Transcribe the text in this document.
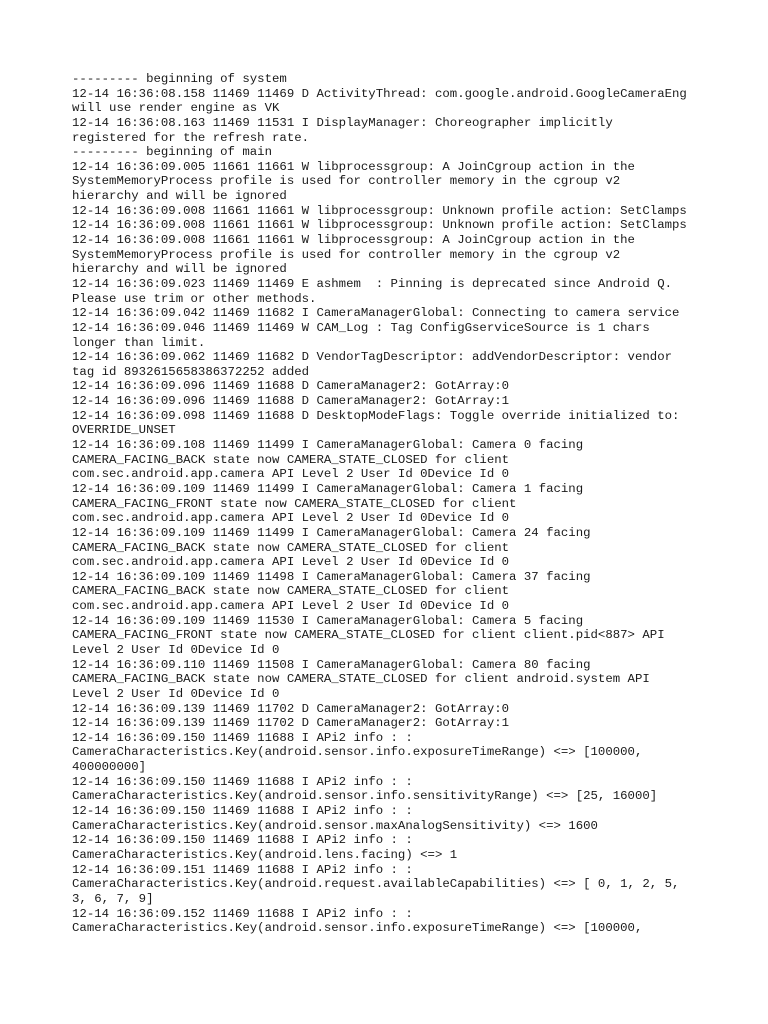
--------- beginning of system
12-14 16:36:08.158 11469 11469 D ActivityThread: com.google.android.GoogleCameraEng
will use render engine as VK
12-14 16:36:08.163 11469 11531 I DisplayManager: Choreographer implicitly
registered for the refresh rate.
--------- beginning of main
12-14 16:36:09.005 11661 11661 W libprocessgroup: A JoinCgroup action in the
SystemMemoryProcess profile is used for controller memory in the cgroup v2
hierarchy and will be ignored
12-14 16:36:09.008 11661 11661 W libprocessgroup: Unknown profile action: SetClamps
12-14 16:36:09.008 11661 11661 W libprocessgroup: Unknown profile action: SetClamps
12-14 16:36:09.008 11661 11661 W libprocessgroup: A JoinCgroup action in the
SystemMemoryProcess profile is used for controller memory in the cgroup v2
hierarchy and will be ignored
12-14 16:36:09.023 11469 11469 E ashmem  : Pinning is deprecated since Android Q.
Please use trim or other methods.
12-14 16:36:09.042 11469 11682 I CameraManagerGlobal: Connecting to camera service
12-14 16:36:09.046 11469 11469 W CAM_Log : Tag ConfigGserviceSource is 1 chars
longer than limit.
12-14 16:36:09.062 11469 11682 D VendorTagDescriptor: addVendorDescriptor: vendor
tag id 8932615658386372252 added
12-14 16:36:09.096 11469 11688 D CameraManager2: GotArray:0
12-14 16:36:09.096 11469 11688 D CameraManager2: GotArray:1
12-14 16:36:09.098 11469 11688 D DesktopModeFlags: Toggle override initialized to:
OVERRIDE_UNSET
12-14 16:36:09.108 11469 11499 I CameraManagerGlobal: Camera 0 facing
CAMERA_FACING_BACK state now CAMERA_STATE_CLOSED for client
com.sec.android.app.camera API Level 2 User Id 0Device Id 0
12-14 16:36:09.109 11469 11499 I CameraManagerGlobal: Camera 1 facing
CAMERA_FACING_FRONT state now CAMERA_STATE_CLOSED for client
com.sec.android.app.camera API Level 2 User Id 0Device Id 0
12-14 16:36:09.109 11469 11499 I CameraManagerGlobal: Camera 24 facing
CAMERA_FACING_BACK state now CAMERA_STATE_CLOSED for client
com.sec.android.app.camera API Level 2 User Id 0Device Id 0
12-14 16:36:09.109 11469 11498 I CameraManagerGlobal: Camera 37 facing
CAMERA_FACING_BACK state now CAMERA_STATE_CLOSED for client
com.sec.android.app.camera API Level 2 User Id 0Device Id 0
12-14 16:36:09.109 11469 11530 I CameraManagerGlobal: Camera 5 facing
CAMERA_FACING_FRONT state now CAMERA_STATE_CLOSED for client client.pid<887> API
Level 2 User Id 0Device Id 0
12-14 16:36:09.110 11469 11508 I CameraManagerGlobal: Camera 80 facing
CAMERA_FACING_BACK state now CAMERA_STATE_CLOSED for client android.system API
Level 2 User Id 0Device Id 0
12-14 16:36:09.139 11469 11702 D CameraManager2: GotArray:0
12-14 16:36:09.139 11469 11702 D CameraManager2: GotArray:1
12-14 16:36:09.150 11469 11688 I APi2 info : :
CameraCharacteristics.Key(android.sensor.info.exposureTimeRange) <=> [100000,
400000000]
12-14 16:36:09.150 11469 11688 I APi2 info : :
CameraCharacteristics.Key(android.sensor.info.sensitivityRange) <=> [25, 16000]
12-14 16:36:09.150 11469 11688 I APi2 info : :
CameraCharacteristics.Key(android.sensor.maxAnalogSensitivity) <=> 1600
12-14 16:36:09.150 11469 11688 I APi2 info : :
CameraCharacteristics.Key(android.lens.facing) <=> 1
12-14 16:36:09.151 11469 11688 I APi2 info : :
CameraCharacteristics.Key(android.request.availableCapabilities) <=> [ 0, 1, 2, 5,
3, 6, 7, 9]
12-14 16:36:09.152 11469 11688 I APi2 info : :
CameraCharacteristics.Key(android.sensor.info.exposureTimeRange) <=> [100000,
